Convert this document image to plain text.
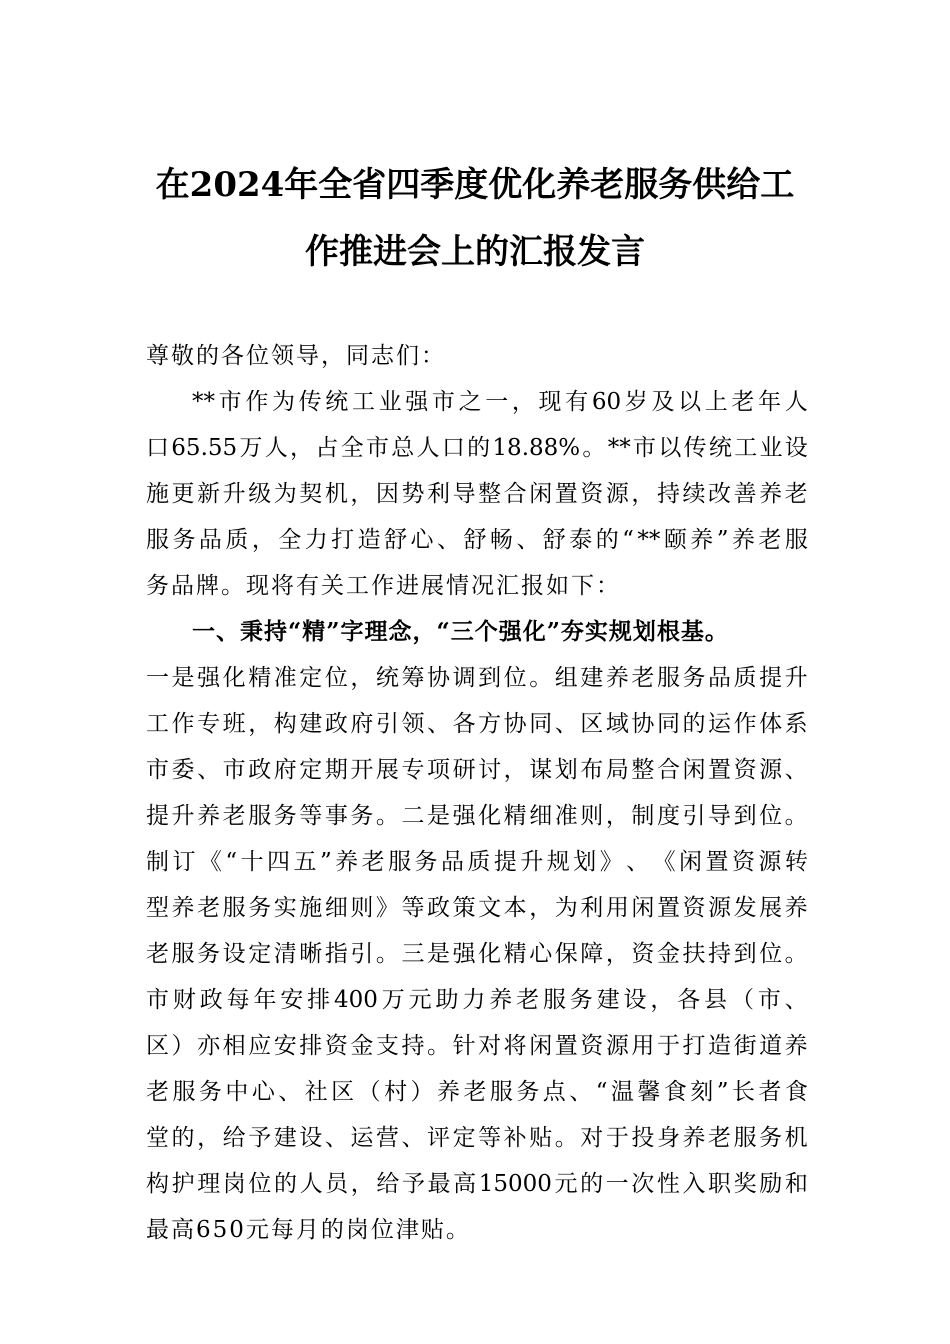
在2024年全省四季度优化养老服务供给工
作推进会上的汇报发言
尊敬的各位领导，同志们：
** 市 作 为 传 统 工 业 强 市 之 一 ， 现 有 60 岁 及 以 上 老 年 人
口 65.55 万 人 ， 占 全 市 总 人 口 的 18.88% 。 ** 市 以 传 统 工 业 设
施 更 新 升 级 为 契 机 ， 因 势 利 导 整 合 闲 置 资 源 ， 持 续 改 善 养 老
服 务 品 质 ， 全 力 打 造 舒 心 、 舒 畅 、 舒 泰 的 “ ** 颐 养 ” 养 老 服
务品牌。现将有关工作进展情况汇报如下：
一、秉持“精”字理念，“三个强化”夯实规划根基。
一 是 强 化 精 准 定 位 ， 统 筹 协 调 到 位 。 组 建 养 老 服 务 品 质 提 升
工 作 专 班 ， 构 建 政 府 引 领 、 各 方 协 同 、 区 域 协 同 的 运 作 体 系
市 委 、 市 政 府 定 期 开 展 专 项 研 讨 ， 谋 划 布 局 整 合 闲 置 资 源 、
提 升 养 老 服 务 等 事 务 。 二 是 强 化 精 细 准 则 ， 制 度 引 导 到 位 。
制 订 《 “ 十 四 五 ” 养 老 服 务 品 质 提 升 规 划 》 、 《 闲 置 资 源 转
型 养 老 服 务 实 施 细 则 》 等 政 策 文 本 ， 为 利 用 闲 置 资 源 发 展 养
老 服 务 设 定 清 晰 指 引 。 三 是 强 化 精 心 保 障 ， 资 金 扶 持 到 位 。
市 财 政 每 年 安 排 400 万 元 助 力 养 老 服 务 建 设 ， 各 县 （ 市 、
区 ） 亦 相 应 安 排 资 金 支 持 。 针 对 将 闲 置 资 源 用 于 打 造 街 道 养
老 服 务 中 心 、 社 区 （ 村 ） 养 老 服 务 点 、 “ 温 馨 食 刻 ” 长 者 食
堂 的 ， 给 予 建 设 、 运 营 、 评 定 等 补 贴 。 对 于 投 身 养 老 服 务 机
构 护 理 岗 位 的 人 员 ， 给 予 最 高 15000 元 的 一 次 性 入 职 奖 励 和
最高650元每月的岗位津贴。
